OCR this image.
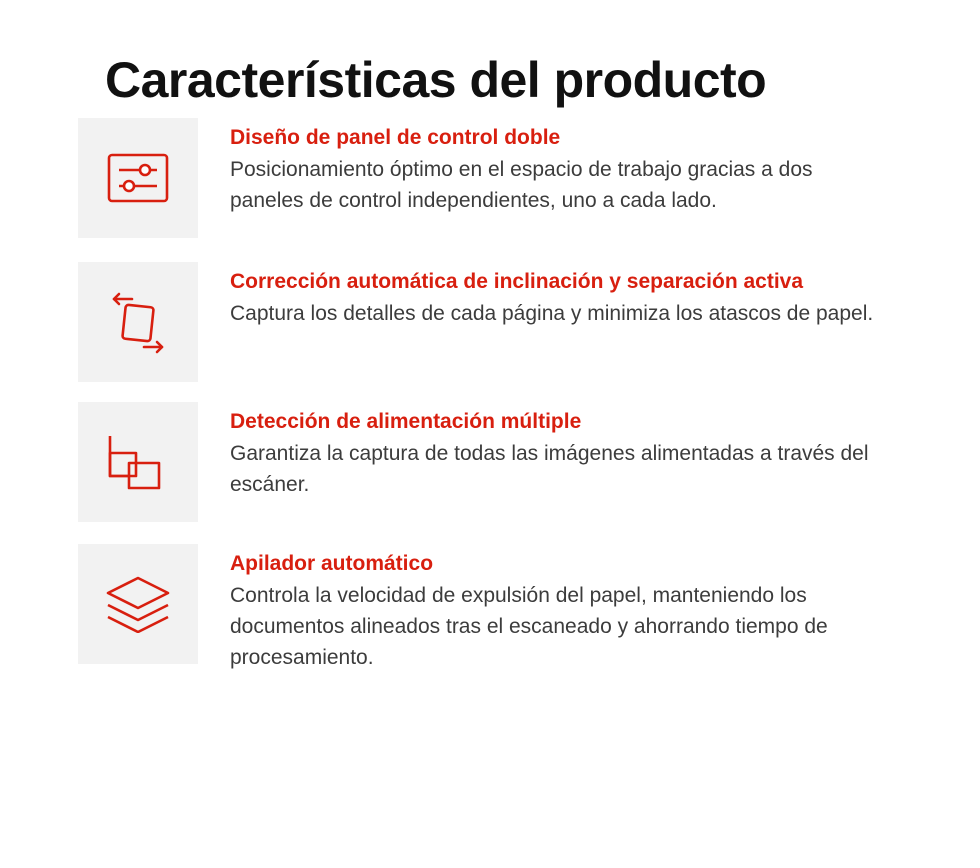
Características del producto

Diseño de panel de control doble

Posicionamiento óptimo en el espacio de trabajo gracias a dos paneles de control independientes, uno a cada lado.

Corrección automática de inclinación y separación activa

Captura los detalles de cada página y minimiza los atascos de papel.

Detección de alimentación múltiple

Garantiza la captura de todas las imágenes alimentadas a través del escáner.

Apilador automático

Controla la velocidad de expulsión del papel, manteniendo los documentos alineados tras el escaneado y ahorrando tiempo de procesamiento.
